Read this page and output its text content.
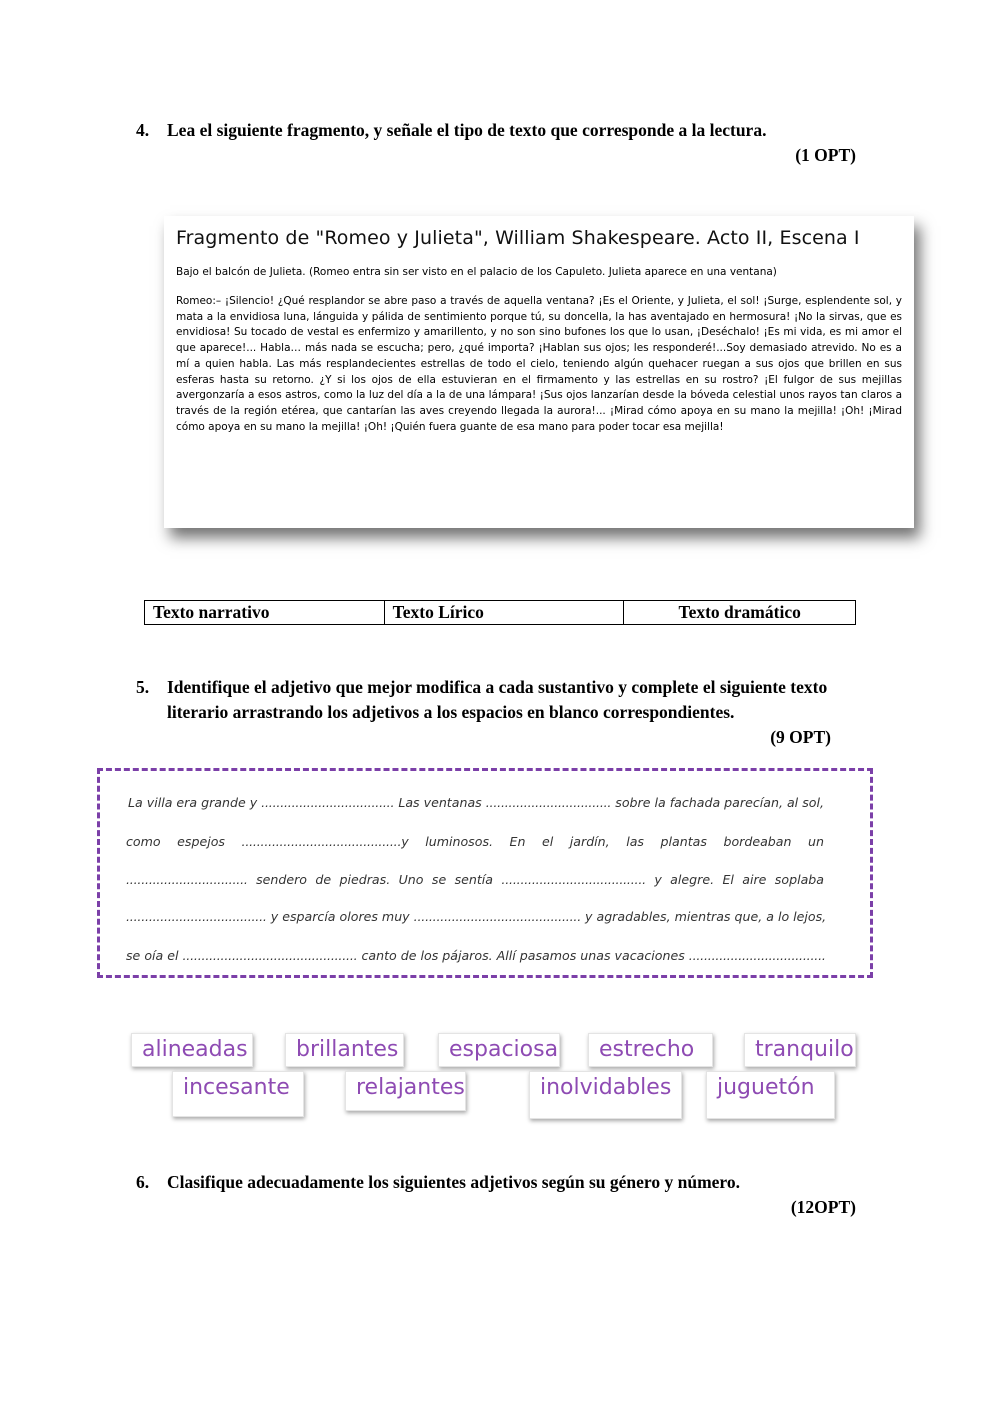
4. Lea el siguiente fragmento, y señale el tipo de texto que corresponde a la lectura.
(1 OPT)
Fragmento de "Romeo y Julieta", William Shakespeare. Acto II, Escena I
Bajo el balcón de Julieta. (Romeo entra sin ser visto en el palacio de los Capuleto. Julieta aparece en una ventana)
Romeo:– ¡Silencio! ¿Qué resplandor se abre paso a través de aquella ventana? ¡Es el Oriente, y Julieta, el sol! ¡Surge, esplendente sol, y mata a la envidiosa luna, lánguida y pálida de sentimiento porque tú, su doncella, la has aventajado en hermosura! ¡No la sirvas, que es envidiosa! Su tocado de vestal es enfermizo y amarillento, y no son sino bufones los que lo usan, ¡Deséchalo! ¡Es mi vida, es mi amor el que aparece!... Habla… más nada se escucha; pero, ¿qué importa? ¡Hablan sus ojos; les responderé!...Soy demasiado atrevido. No es a mí a quien habla. Las más resplandecientes estrellas de todo el cielo, teniendo algún quehacer ruegan a sus ojos que brillen en sus esferas hasta su retorno. ¿Y si los ojos de ella estuvieran en el firmamento y las estrellas en su rostro? ¡El fulgor de sus mejillas avergonzaría a esos astros, como la luz del día a la de una lámpara! ¡Sus ojos lanzarían desde la bóveda celestial unos rayos tan claros a través de la región etérea, que cantarían las aves creyendo llegada la aurora!... ¡Mirad cómo apoya en su mano la mejilla! ¡Oh! ¡Mirad cómo apoya en su mano la mejilla! ¡Oh! ¡Quién fuera guante de esa mano para poder tocar esa mejilla!
Texto narrativo	Texto Lírico	Texto dramático
5. Identifique el adjetivo que mejor modifica a cada sustantivo y complete el siguiente texto literario arrastrando los adjetivos a los espacios en blanco correspondientes.
(9 OPT)
La villa era grande y ................................... Las ventanas ................................. sobre la fachada parecían, al sol,
como espejos ..........................................y luminosos. En el jardín, las plantas bordeaban un
................................ sendero de piedras. Uno se sentía ...................................... y alegre. El aire soplaba
..................................... y esparcía olores muy ............................................ y agradables, mientras que, a lo lejos,
se oía el .............................................. canto de los pájaros. Allí pasamos unas vacaciones ....................................
alineadas	brillantes	espaciosa	estrecho	tranquilo
incesante	relajantes	inolvidables	juguetón
6. Clasifique adecuadamente los siguientes adjetivos según su género y número.
(12OPT)
